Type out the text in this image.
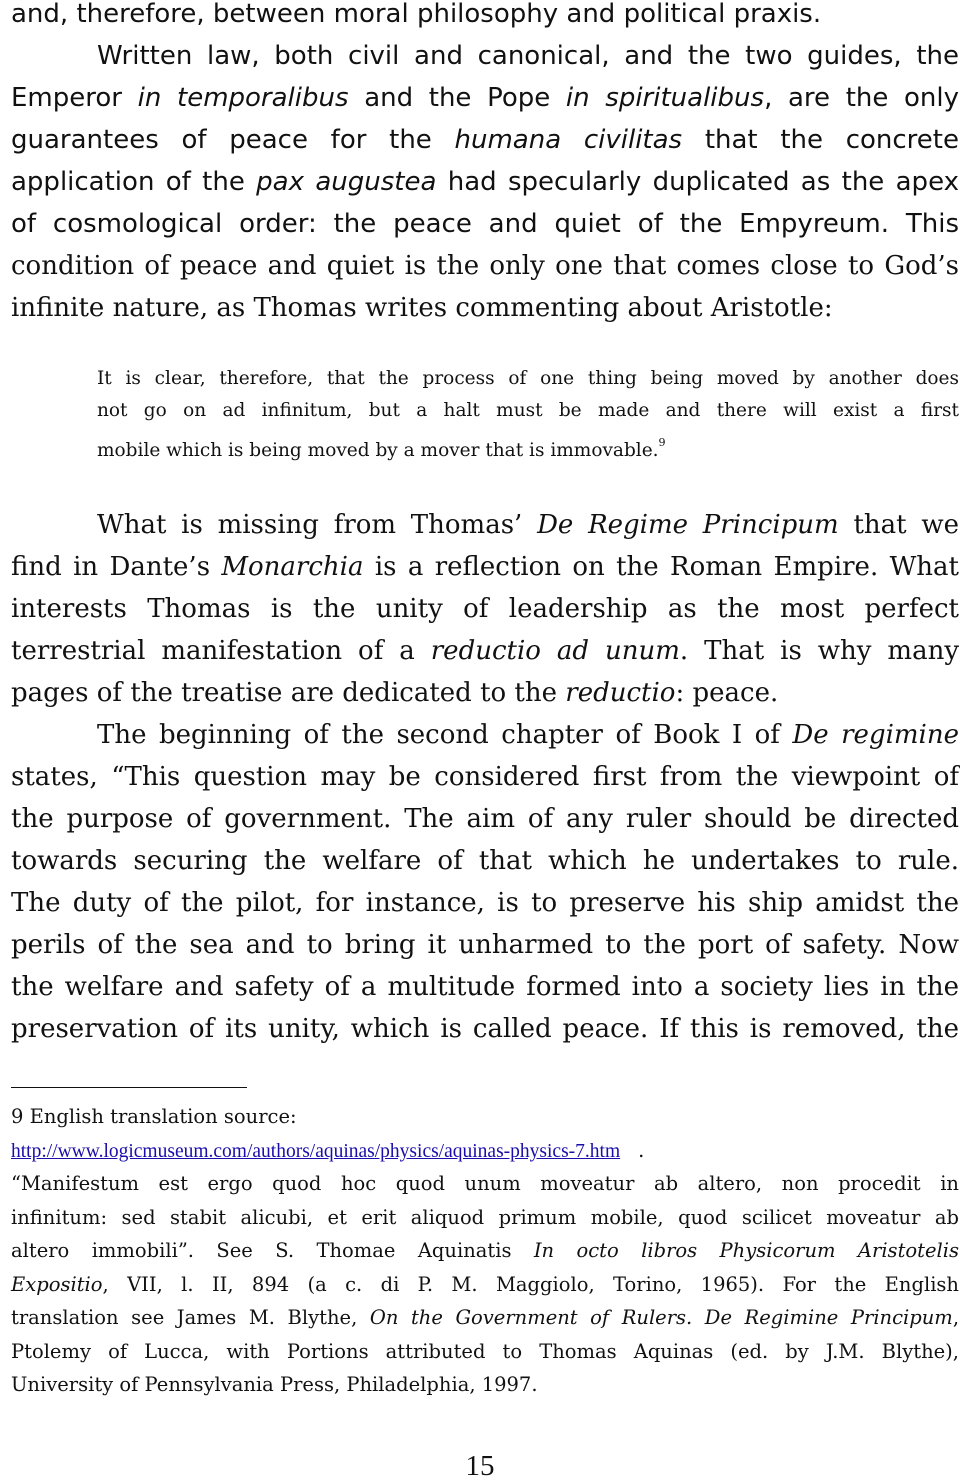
and, therefore, between moral philosophy and political praxis.
Written law, both civil and canonical, and the two guides, the
Emperor in temporalibus and the Pope in spiritualibus, are the only
guarantees of peace for the humana civilitas that the concrete
application of the pax augustea had specularly duplicated as the apex
of cosmological order: the peace and quiet of the Empyreum. This
condition of peace and quiet is the only one that comes close to God’s
infinite nature, as Thomas writes commenting about Aristotle:
It is clear, therefore, that the process of one thing being moved by another does
not go on ad infinitum, but a halt must be made and there will exist a first
mobile which is being moved by a mover that is immovable.$^9$
What is missing from Thomas’ De Regime Principum that we
find in Dante’s Monarchia is a reflection on the Roman Empire. What
interests Thomas is the unity of leadership as the most perfect
terrestrial manifestation of a reductio ad unum. That is why many
pages of the treatise are dedicated to the reductio: peace.
The beginning of the second chapter of Book I of De regimine
states, “This question may be considered first from the viewpoint of
the purpose of government. The aim of any ruler should be directed
towards securing the welfare of that which he undertakes to rule.
The duty of the pilot, for instance, is to preserve his ship amidst the
perils of the sea and to bring it unharmed to the port of safety. Now
the welfare and safety of a multitude formed into a society lies in the
preservation of its unity, which is called peace. If this is removed, the
9 English translation source:
http://www.logicmuseum.com/authors/aquinas/physics/aquinas-physics-7.htm .
“Manifestum est ergo quod hoc quod unum moveatur ab altero, non procedit in
infinitum: sed stabit alicubi, et erit aliquod primum mobile, quod scilicet moveatur ab
altero immobili”. See S. Thomae Aquinatis In octo libros Physicorum Aristotelis
Expositio, VII, l. II, 894 (a c. di P. M. Maggiolo, Torino, 1965). For the English
translation see James M. Blythe, On the Government of Rulers. De Regimine Principum,
Ptolemy of Lucca, with Portions attributed to Thomas Aquinas (ed. by J.M. Blythe),
University of Pennsylvania Press, Philadelphia, 1997.
15
